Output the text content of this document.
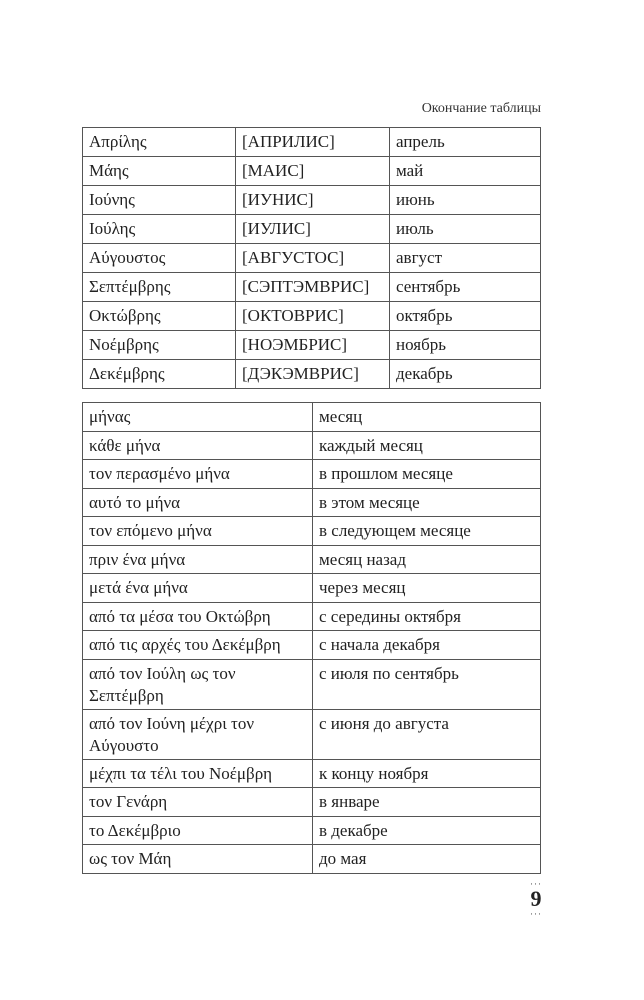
Окончание таблицы
Απρίλης	[АПРИЛИС]	апрель
Μάης	[МАИС]	май
Ιούνης	[ИУНИС]	июнь
Ιούλης	[ИУЛИС]	июль
Αύγουστος	[АВГУСТОС]	август
Σεπτέμβρης	[СЭПТЭМВРИС]	сентябрь
Οκτώβρης	[ОКТОВРИС]	октябрь
Νοέμβρης	[НОЭМБРИС]	ноябрь
Δεκέμβρης	[ДЭКЭМВРИС]	декабрь
μήνας	месяц
κάθε μήνα	каждый месяц
τον περασμένο μήνα	в прошлом месяце
αυτό το μήνα	в этом месяце
τον επόμενο μήνα	в следующем месяце
πριν ένα μήνα	месяц назад
μετά ένα μήνα	через месяц
από τα μέσα του Οκτώβρη	с середины октября
από τις αρχές του Δεκέμβρη	с начала декабря
από τον Ιούλη ως τον Σεπτέμβρη	с июля по сентябрь
από τον Ιούνη μέχρι τον Αύγουστο	с июня до августа
μέχπι τα τέλι του Νοέμβρη	к концу ноября
τον Γενάρη	в январе
το Δεκέμβριο	в декабре
ως τον Μάη	до мая
···
9
···
